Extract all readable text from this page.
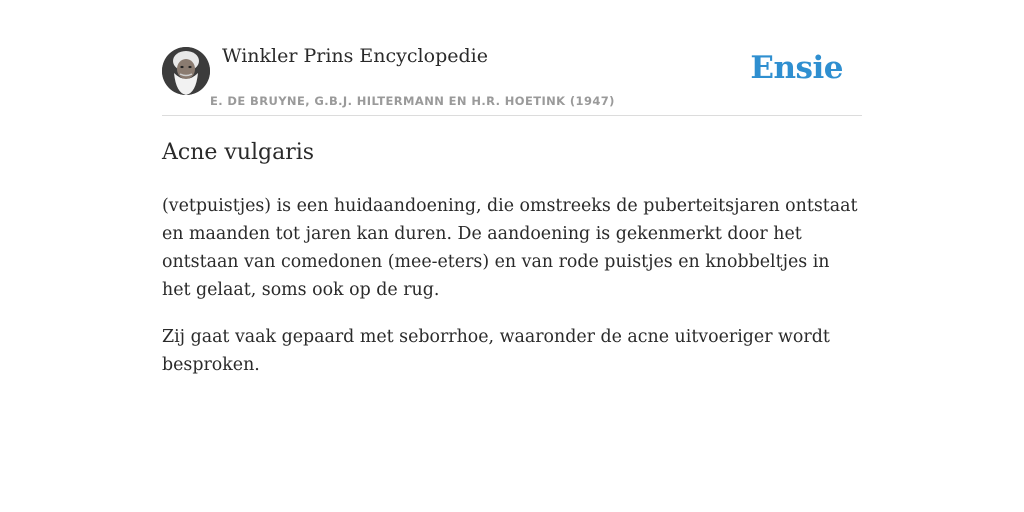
Winkler Prins Encyclopedie
E. DE BRUYNE, G.B.J. HILTERMANN EN H.R. HOETINK (1947)
Ensie
Acne vulgaris

(vetpuistjes) is een huidaandoening, die omstreeks de puberteitsjaren ontstaat en maanden tot jaren kan duren. De aandoening is gekenmerkt door het ontstaan van comedonen (mee-eters) en van rode puistjes en knobbeltjes in het gelaat, soms ook op de rug.

Zij gaat vaak gepaard met seborrhoe, waaronder de acne uitvoeriger wordt besproken.
